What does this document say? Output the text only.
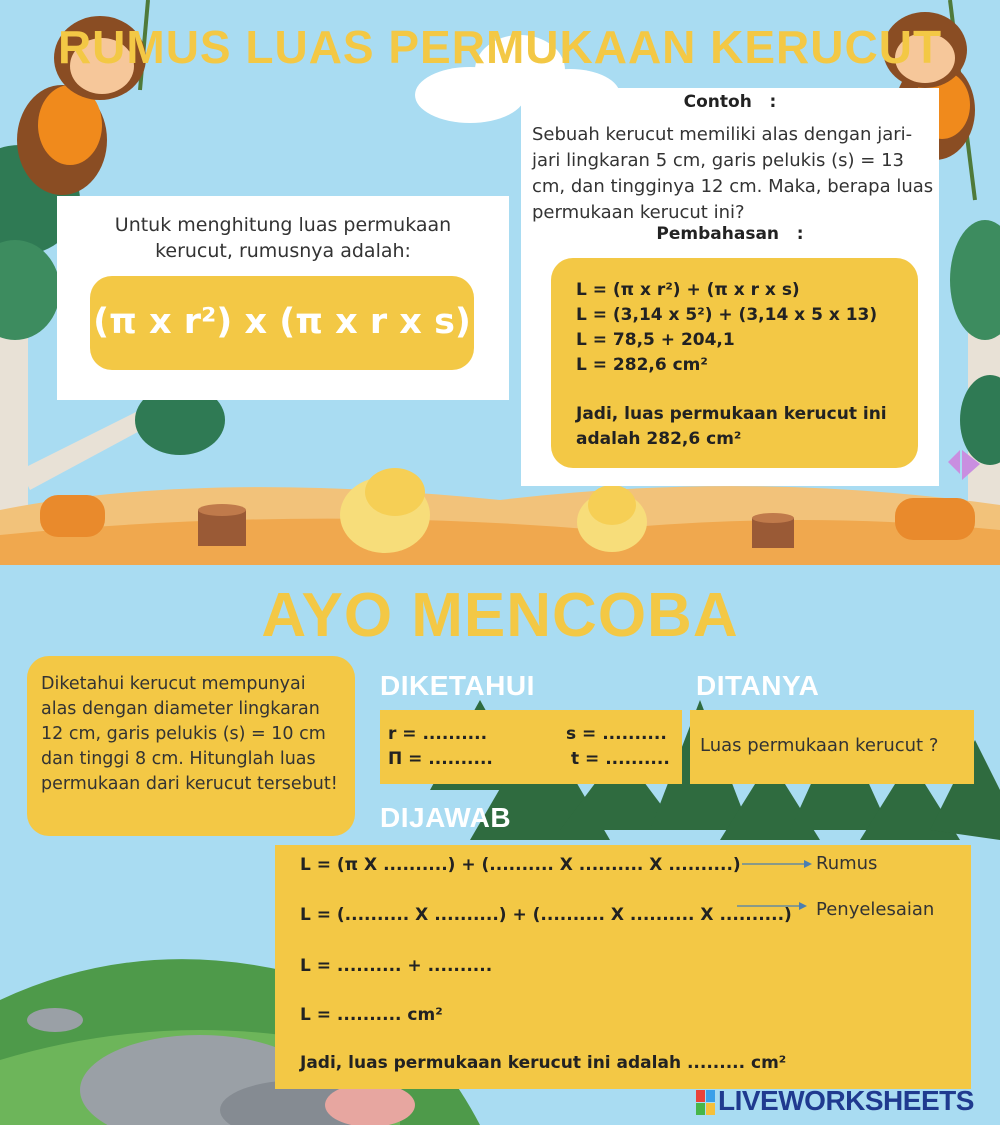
RUMUS LUAS PERMUKAAN KERUCUT
Untuk menghitung luas permukaan kerucut, rumusnya adalah:
(π x r²) x (π x r x s)
Contoh   :
Sebuah kerucut memiliki alas dengan jari-jari lingkaran 5 cm, garis pelukis (s) = 13 cm, dan tingginya 12 cm. Maka, berapa luas permukaan kerucut ini?
Pembahasan   :
L = (π x r²) + (π x r x s)
L = (3,14 x 5²) + (3,14 x 5 x 13)
L = 78,5 + 204,1
L = 282,6 cm²
Jadi, luas permukaan kerucut ini adalah 282,6 cm²
AYO MENCOBA
Diketahui kerucut mempunyai alas dengan diameter lingkaran 12 cm, garis pelukis (s) = 10 cm dan tinggi 8 cm. Hitunglah luas permukaan dari kerucut tersebut!
DIKETAHUI
r = ..........	s = ..........
Π = ..........	t = ..........
DITANYA
Luas permukaan kerucut ?
DIJAWAB
L = (π X ..........) + (.......... X .......... X ..........)
L = (.......... X ..........) + (.......... X .......... X ..........)
L = .......... + ..........
L = .......... cm²
Jadi, luas permukaan kerucut ini adalah ......... cm²
Rumus
Penyelesaian
LIVEWORKSHEETS
